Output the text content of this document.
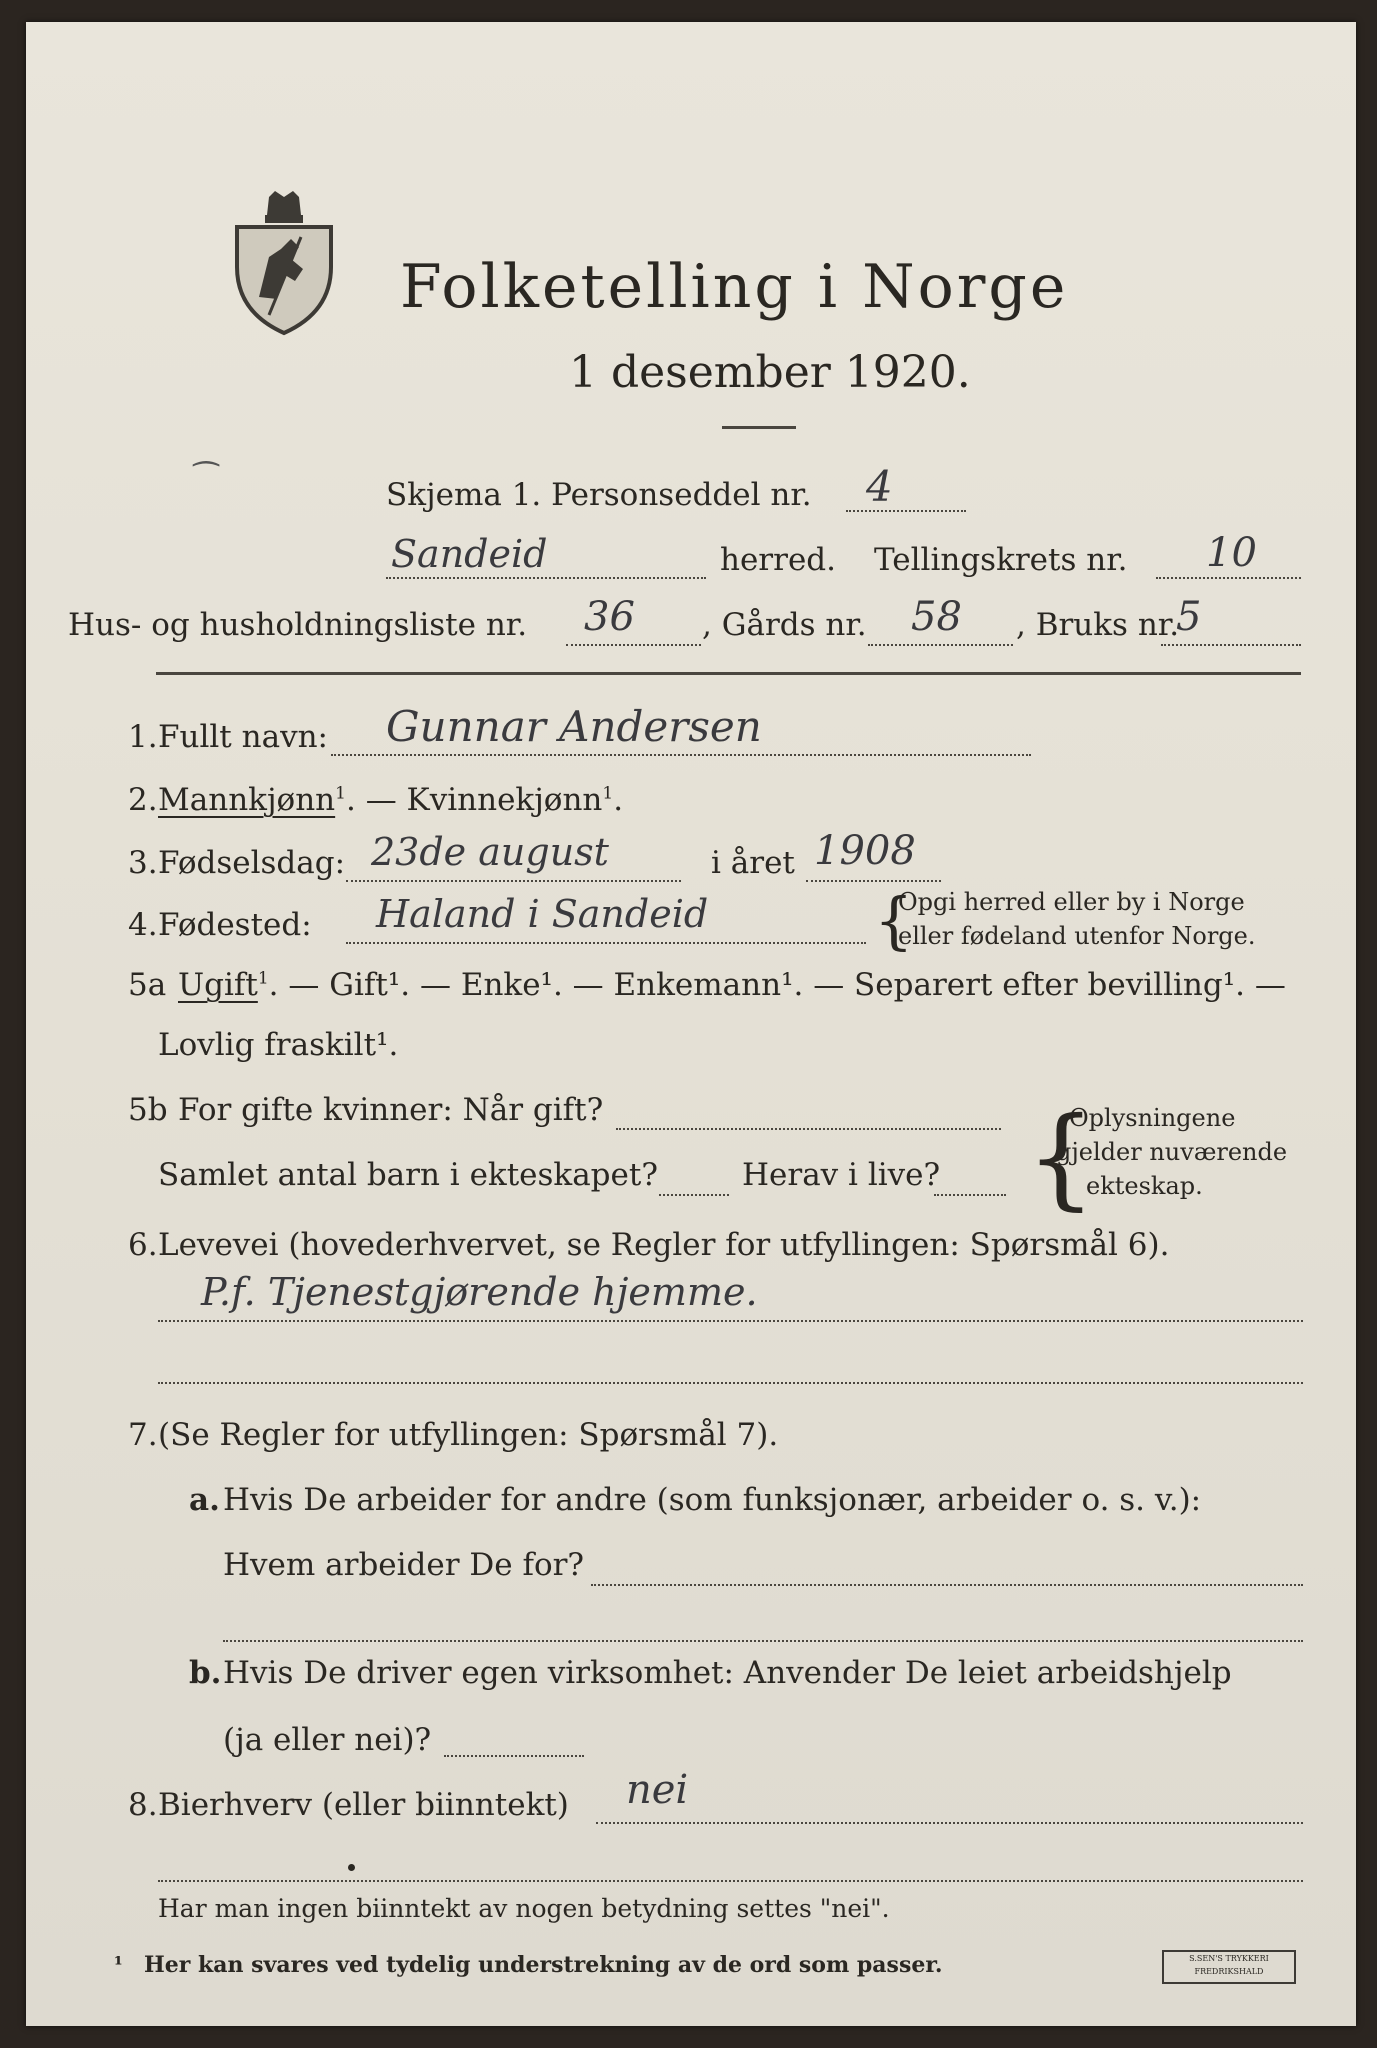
Folketelling i Norge
1 desember 1920.
⁀	Skjema 1. Personseddel nr. 4
Sandeid	herred. Tellingskrets nr. 10
Hus- og husholdningsliste nr. 36 , Gårds nr. 58 , Bruks nr.
5
1. Fullt navn: Gunnar Andersen
2. Mannkjønn$^1$. — Kvinnekjønn$^1$.
3. Fødselsdag: 23de august	i året 1908
4. Fødested: Haland i Sandeid	{
Opgi herred eller by i Norge
eller fødeland utenfor Norge.
5a Ugift$^1$. — Gift¹. — Enke¹. — Enkemann¹. — Separert efter bevilling¹. —
Lovlig fraskilt¹.
5b For gifte kvinner: Når gift?
Samlet antal barn i ekteskapet?	Herav i live? {
Oplysningene
gjelder nuværende
ekteskap.
6. Levevei (hovederhvervet, se Regler for utfyllingen: Spørsmål 6).
P.f. Tjenestgjørende hjemme.
7. (Se Regler for utfyllingen: Spørsmål 7).
a. Hvis De arbeider for andre (som funksjonær, arbeider o. s. v.):
Hvem arbeider De for?
b. Hvis De driver egen virksomhet: Anvender De leiet arbeidshjelp
(ja eller nei)?
8. Bierhverv (eller biinntekt) nei
Har man ingen biinntekt av nogen betydning settes "nei".
¹ Her kan svares ved tydelig understrekning av de ord som passer.	S.SEN'S TRYKKERI
FREDRIKSHALD
